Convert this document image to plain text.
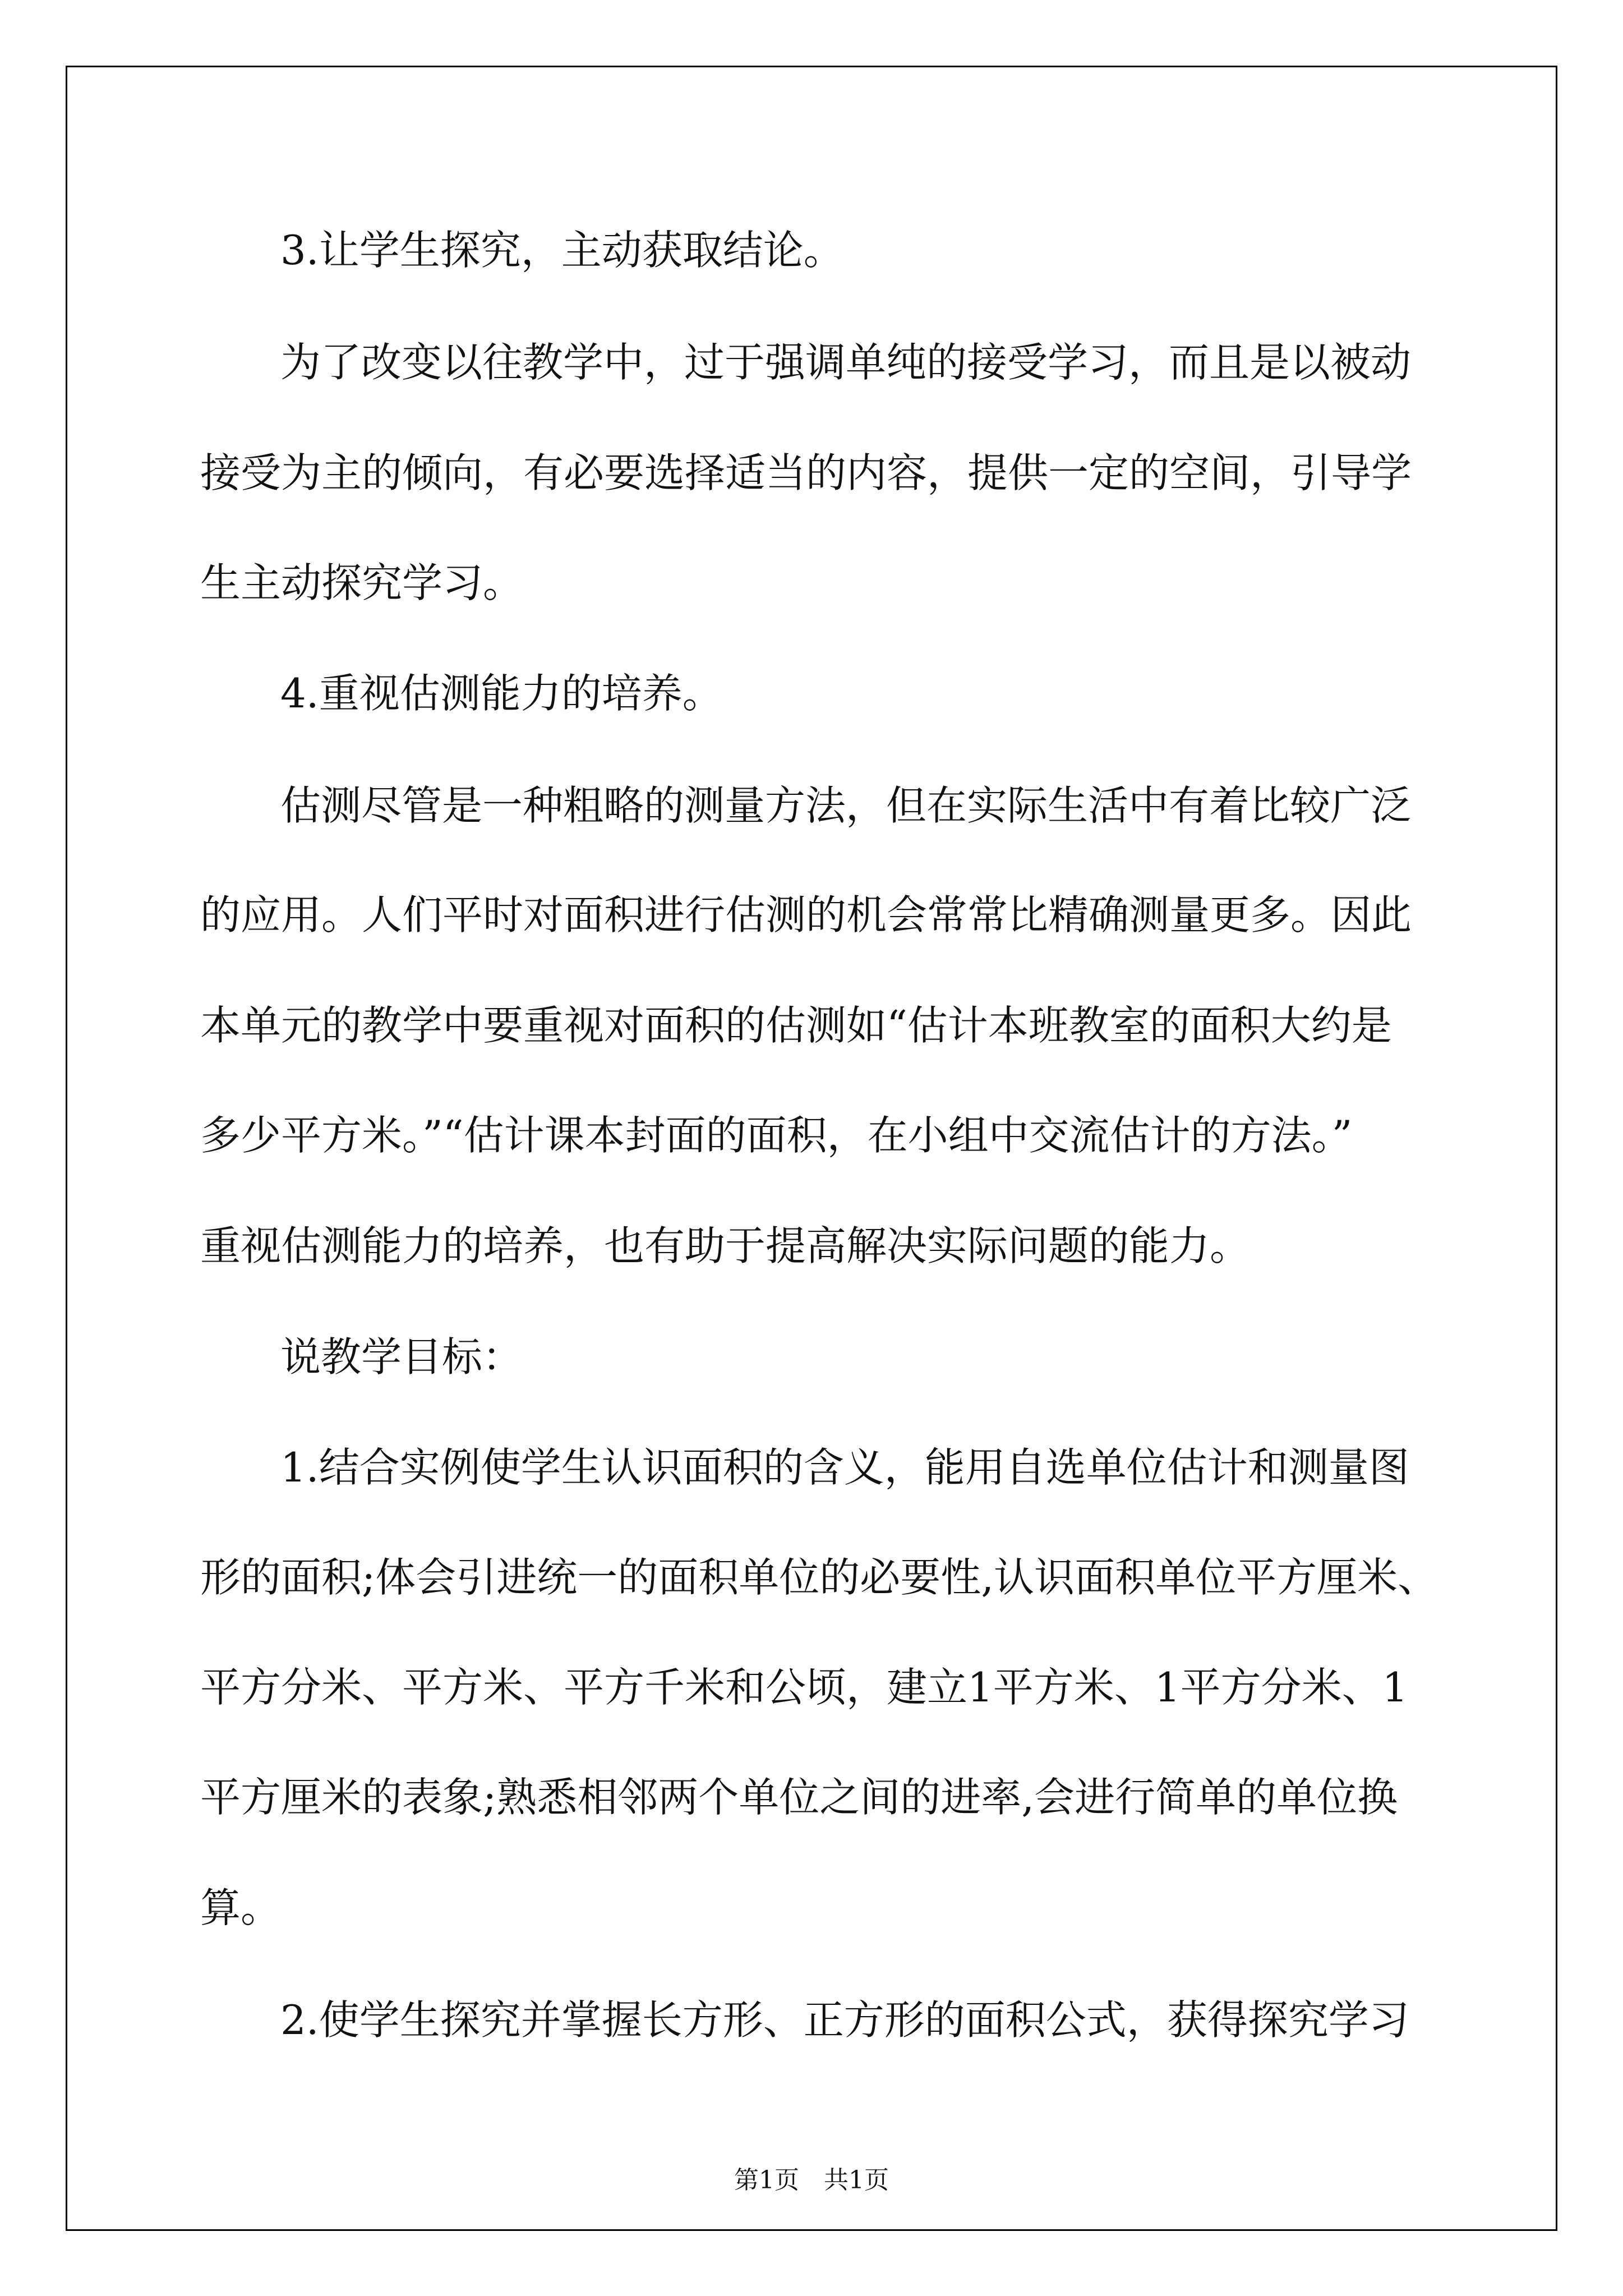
3.让学生探究，主动获取结论。
为了改变以往教学中，过于强调单纯的接受学习，而且是以被动
接受为主的倾向，有必要选择适当的内容，提供一定的空间，引导学
生主动探究学习。
4.重视估测能力的培养。
估测尽管是一种粗略的测量方法，但在实际生活中有着比较广泛
的应用。人们平时对面积进行估测的机会常常比精确测量更多。因此
本单元的教学中要重视对面积的估测如“估计本班教室的面积大约是
多少平方米。”“估计课本封面的面积，在小组中交流估计的方法。”
重视估测能力的培养，也有助于提高解决实际问题的能力。
说教学目标：
1.结合实例使学生认识面积的含义，能用自选单位估计和测量图
形的面积;体会引进统一的面积单位的必要性,认识面积单位平方厘米、
平方分米、平方米、平方千米和公顷，建立1平方米、1平方分米、1
平方厘米的表象;熟悉相邻两个单位之间的进率,会进行简单的单位换
算。
2.使学生探究并掌握长方形、正方形的面积公式，获得探究学习
第1页　共1页
